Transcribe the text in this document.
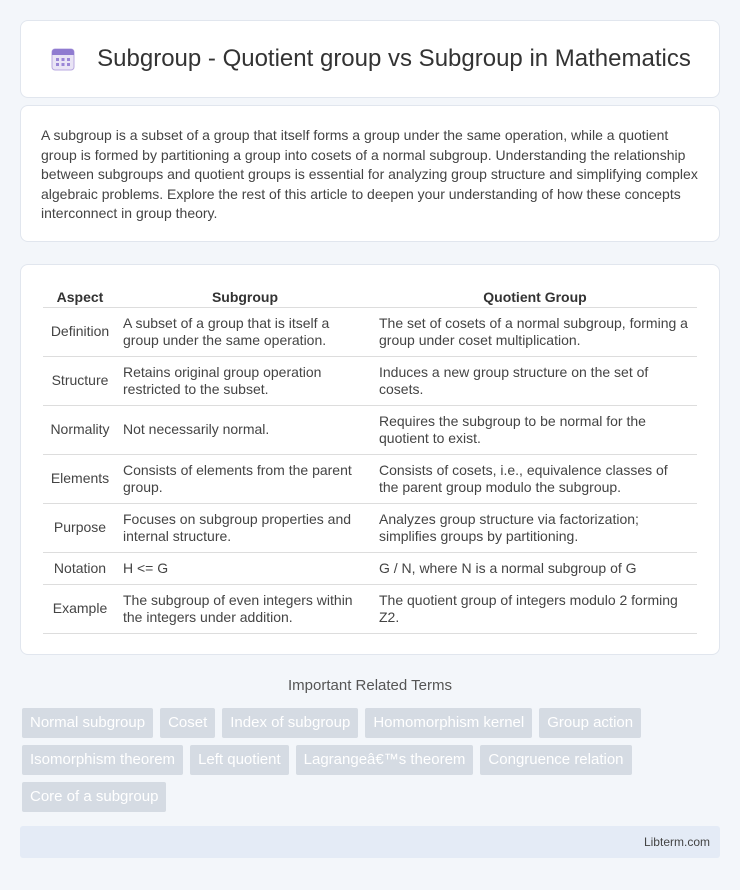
Subgroup - Quotient group vs Subgroup in Mathematics

A subgroup is a subset of a group that itself forms a group under the same operation, while a quotient group is formed by partitioning a group into cosets of a normal subgroup. Understanding the relationship between subgroups and quotient groups is essential for analyzing group structure and simplifying complex algebraic problems. Explore the rest of this article to deepen your understanding of how these concepts interconnect in group theory.

Aspect	Subgroup	Quotient Group
Definition	A subset of a group that is itself a group under the same operation.	The set of cosets of a normal subgroup, forming a group under coset multiplication.
Structure	Retains original group operation restricted to the subset.	Induces a new group structure on the set of cosets.
Normality	Not necessarily normal.	Requires the subgroup to be normal for the quotient to exist.
Elements	Consists of elements from the parent group.	Consists of cosets, i.e., equivalence classes of the parent group modulo the subgroup.
Purpose	Focuses on subgroup properties and internal structure.	Analyzes group structure via factorization; simplifies groups by partitioning.
Notation	H <= G	G / N, where N is a normal subgroup of G
Example	The subgroup of even integers within the integers under addition.	The quotient group of integers modulo 2 forming Z2.
Important Related Terms
Normal subgroup	Coset	Index of subgroup	Homomorphism kernel	Group action
Isomorphism theorem	Left quotient	Lagrangeâ€™s theorem	Congruence relation
Core of a subgroup
Libterm.com
